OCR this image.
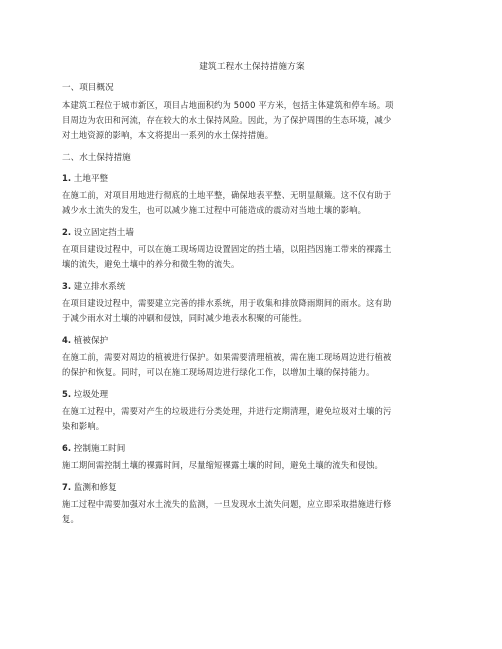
建筑工程水土保持措施方案
一、项目概况
本建筑工程位于城市新区，项目占地面积约为 5000 平方米，包括主体建筑和停车场。项
目周边为农田和河流，存在较大的水土保持风险。因此，为了保护周围的生态环境，减少
对土地资源的影响，本文将提出一系列的水土保持措施。
二、水土保持措施
1. 土地平整
在施工前，对项目用地进行彻底的土地平整，确保地表平整、无明显颠簸。这不仅有助于
减少水土流失的发生，也可以减少施工过程中可能造成的震动对当地土壤的影响。
2. 设立固定挡土墙
在项目建设过程中，可以在施工现场周边设置固定的挡土墙，以阻挡因施工带来的裸露土
壤的流失，避免土壤中的养分和微生物的流失。
3. 建立排水系统
在项目建设过程中，需要建立完善的排水系统，用于收集和排放降雨期间的雨水。这有助
于减少雨水对土壤的冲刷和侵蚀，同时减少地表水积聚的可能性。
4. 植被保护
在施工前，需要对周边的植被进行保护。如果需要清理植被，需在施工现场周边进行植被
的保护和恢复。同时，可以在施工现场周边进行绿化工作，以增加土壤的保持能力。
5. 垃圾处理
在施工过程中，需要对产生的垃圾进行分类处理，并进行定期清理，避免垃圾对土壤的污
染和影响。
6. 控制施工时间
施工期间需控制土壤的裸露时间，尽量缩短裸露土壤的时间，避免土壤的流失和侵蚀。
7. 监测和修复
施工过程中需要加强对水土流失的监测，一旦发现水土流失问题，应立即采取措施进行修
复。
